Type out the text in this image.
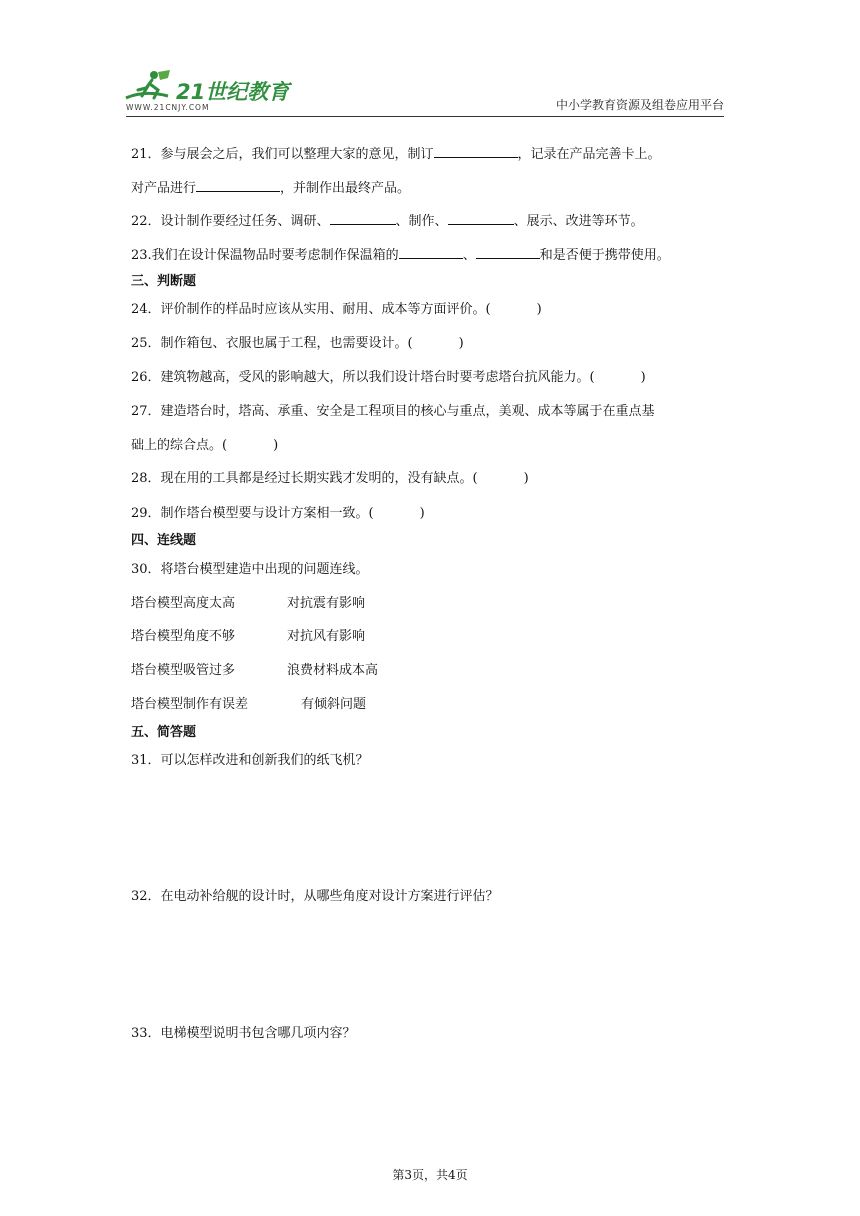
21世纪教育
WWW.21CNJY.COM	中小学教育资源及组卷应用平台
21．参与展会之后，我们可以整理大家的意见，制订	，记录在产品完善卡上。
对产品进行	，并制作出最终产品。
22．设计制作要经过任务、调研、	、制作、	、展示、改进等环节。
23.我们在设计保温物品时要考虑制作保温箱的	、	和是否便于携带使用。
三、判断题
24．评价制作的样品时应该从实用、耐用、成本等方面评价。(	)
25．制作箱包、衣服也属于工程，也需要设计。(	)
26．建筑物越高，受风的影响越大，所以我们设计塔台时要考虑塔台抗风能力。(	)
27．建造塔台时，塔高、承重、安全是工程项目的核心与重点，美观、成本等属于在重点基
础上的综合点。(	)
28．现在用的工具都是经过长期实践才发明的，没有缺点。(	)
29．制作塔台模型要与设计方案相一致。(	)
四、连线题
30．将塔台模型建造中出现的问题连线。
塔台模型高度太高	对抗震有影响
塔台模型角度不够	对抗风有影响
塔台模型吸管过多	浪费材料成本高
塔台模型制作有误差	有倾斜问题
五、简答题
31．可以怎样改进和创新我们的纸飞机？
32．在电动补给舰的设计时，从哪些角度对设计方案进行评估？
33．电梯模型说明书包含哪几项内容？
第3页，共4页
